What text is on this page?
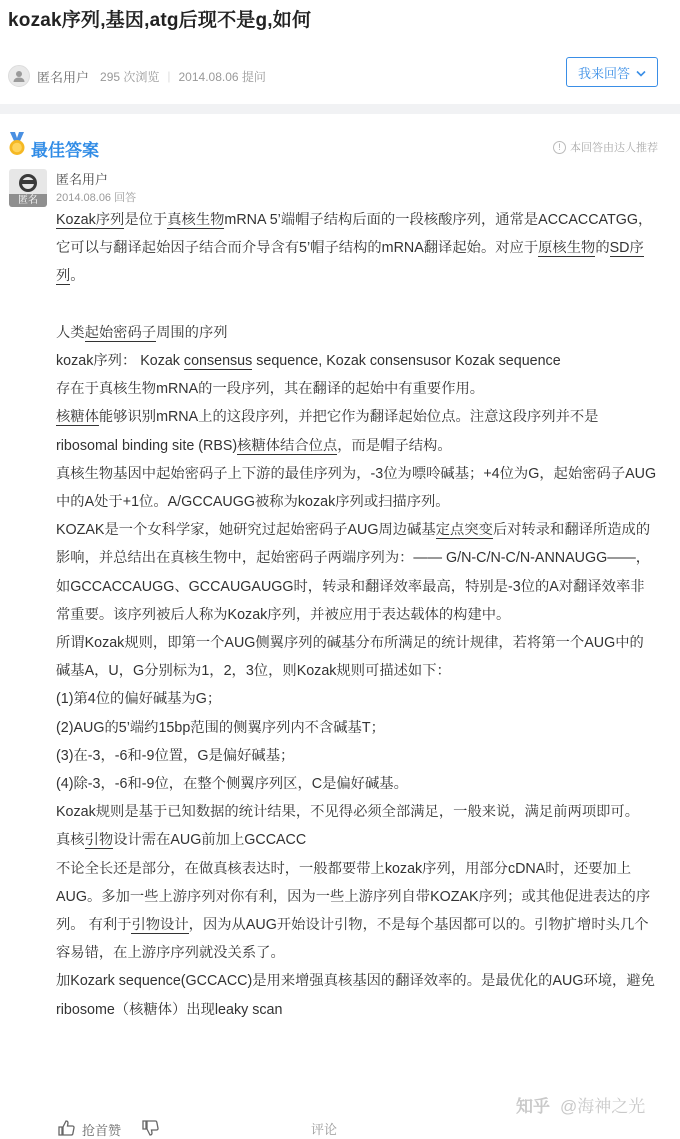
kozak序列,基因,atg后现不是g,如何
匿名用户 295 次浏览 | 2014.08.06 提问	我来回答
最佳答案	! 本回答由达人推荐
匿名
匿名用户
2014.08.06 回答

Kozak序列是位于真核生物mRNA 5’端帽子结构后面的一段核酸序列，通常是ACCACCATGG，它可以与翻译起始因子结合而介导含有5’帽子结构的mRNA翻译起始。对应于原核生物的SD序列。

人类起始密码子周围的序列

kozak序列： Kozak consensus sequence, Kozak consensusor Kozak sequence

存在于真核生物mRNA的一段序列，其在翻译的起始中有重要作用。

核糖体能够识别mRNA上的这段序列，并把它作为翻译起始位点。注意这段序列并不是ribosomal binding site (RBS)核糖体结合位点，而是帽子结构。

真核生物基因中起始密码子上下游的最佳序列为，-3位为嘌呤碱基；+4位为G，起始密码子AUG中的A处于+1位。A/GCCAUGG被称为kozak序列或扫描序列。

KOZAK是一个女科学家，她研究过起始密码子AUG周边碱基定点突变后对转录和翻译所造成的影响，并总结出在真核生物中，起始密码子两端序列为：—— G/N-C/N-C/N-ANNAUGG——，如GCCACCAUGG、GCCAUGAUGG时，转录和翻译效率最高，特别是-3位的A对翻译效率非常重要。该序列被后人称为Kozak序列，并被应用于表达载体的构建中。

所谓Kozak规则，即第一个AUG侧翼序列的碱基分布所满足的统计规律，若将第一个AUG中的碱基A，U，G分别标为1，2，3位，则Kozak规则可描述如下：

(1)第4位的偏好碱基为G；

(2)AUG的5’端约15bp范围的侧翼序列内不含碱基T；

(3)在-3，-6和-9位置，G是偏好碱基；

(4)除-3，-6和-9位，在整个侧翼序列区，C是偏好碱基。

Kozak规则是基于已知数据的统计结果，不见得必须全部满足，一般来说，满足前两项即可。

真核引物设计需在AUG前加上GCCACC

不论全长还是部分，在做真核表达时，一般都要带上kozak序列，用部分cDNA时，还要加上AUG。多加一些上游序列对你有利，因为一些上游序列自带KOZAK序列；或其他促进表达的序列。 有利于引物设计，因为从AUG开始设计引物，不是每个基因都可以的。引物扩增时头几个容易错，在上游序序列就没关系了。

加Kozark sequence(GCCACC)是用来增强真核基因的翻译效率的。是最优化的AUG环境，避免ribosome（核糖体）出现leaky scan

抢首赞	评论
知乎 @海神之光
